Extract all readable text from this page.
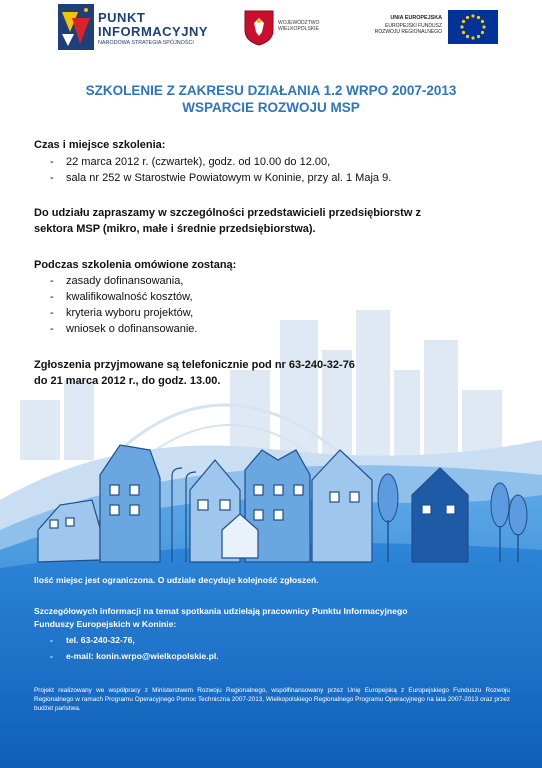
PUNKT
INFORMACYJNY
NARODOWA STRATEGIA SPÓJNOŚCI
WOJEWÓDZTWO
WIELKOPOLSKIE
UNIA EUROPEJSKA
EUROPEJSKI FUNDUSZ
ROZWOJU REGIONALNEGO
SZKOLENIE Z ZAKRESU DZIAŁANIA 1.2 WRPO 2007-2013
WSPARCIE ROZWOJU MSP
Czas i miejsce szkolenia:
22 marca 2012 r. (czwartek), godz. od 10.00 do 12.00,
sala nr 252 w Starostwie Powiatowym w Koninie, przy al. 1 Maja 9.
Do udziału zapraszamy w szczególności przedstawicieli przedsiębiorstw z
sektora MSP (mikro, małe i średnie przedsiębiorstwa).
Podczas szkolenia omówione zostaną:
zasady dofinansowania,
kwalifikowalność kosztów,
kryteria wyboru projektów,
wniosek o dofinansowanie.
Zgłoszenia przyjmowane są telefonicznie pod nr 63-240-32-76
do 21 marca 2012 r., do godz. 13.00.
Ilość miejsc jest ograniczona. O udziale decyduje kolejność zgłoszeń.
Szczegółowych informacji na temat spotkania udzielają pracownicy Punktu Informacyjnego
Funduszy Europejskich w Koninie:
tel. 63-240-32-76,
e-mail: konin.wrpo@wielkopolskie.pl.
Projekt realizowany we współpracy z Ministerstwem Rozwoju Regionalnego, współfinansowany przez Unię Europejską z Europejskiego Funduszu Rozwoju Regionalnego w ramach Programu Operacyjnego Pomoc Techniczna 2007-2013, Wielkopolskiego Regionalnego Programu Operacyjnego na lata 2007-2013 oraz przez budżet państwa.
